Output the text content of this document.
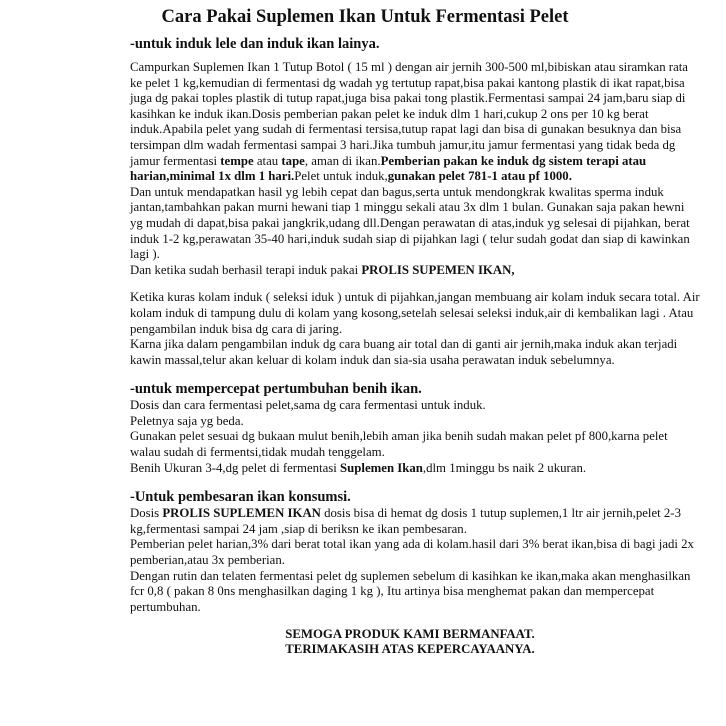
Cara Pakai Suplemen Ikan Untuk Fermentasi Pelet
-untuk induk lele dan induk ikan lainya.

Campurkan Suplemen Ikan 1 Tutup Botol ( 15 ml ) dengan air jernih 300-500 ml,bibiskan atau siramkan rata ke pelet 1 kg,kemudian di fermentasi dg wadah yg tertutup rapat,bisa pakai kantong plastik di ikat rapat,bisa juga dg pakai toples plastik di tutup rapat,juga bisa pakai tong plastik.Fermentasi sampai 24 jam,baru siap di kasihkan ke induk ikan.Dosis pemberian pakan pelet ke induk dlm 1 hari,cukup 2 ons per 10 kg berat induk.Apabila pelet yang sudah di fermentasi tersisa,tutup rapat lagi dan bisa di gunakan besuknya dan bisa tersimpan dlm wadah fermentasi sampai 3 hari.Jika tumbuh jamur,itu jamur fermentasi yang tidak beda dg jamur fermentasi tempe atau tape, aman di ikan.Pemberian pakan ke induk dg sistem terapi atau harian,minimal 1x dlm 1 hari.Pelet untuk induk,gunakan pelet 781-1 atau pf 1000.

Dan untuk mendapatkan hasil yg lebih cepat dan bagus,serta untuk mendongkrak kwalitas sperma induk jantan,tambahkan pakan murni hewani tiap 1 minggu sekali atau 3x dlm 1 bulan. Gunakan saja pakan hewni yg mudah di dapat,bisa pakai jangkrik,udang dll.Dengan perawatan di atas,induk yg selesai di pijahkan, berat induk 1-2 kg,perawatan 35-40 hari,induk sudah siap di pijahkan lagi ( telur sudah godat dan siap di kawinkan lagi ).

Dan ketika sudah berhasil terapi induk pakai PROLIS SUPEMEN IKAN,

Ketika kuras kolam induk ( seleksi iduk ) untuk di pijahkan,jangan membuang air kolam induk secara total. Air kolam induk di tampung dulu di kolam yang kosong,setelah selesai seleksi induk,air di kembalikan lagi . Atau pengambilan induk bisa dg cara di jaring.

Karna jika dalam pengambilan induk dg cara buang air total dan di ganti air jernih,maka induk akan terjadi kawin massal,telur akan keluar di kolam induk dan sia-sia usaha perawatan induk sebelumnya.

-untuk mempercepat pertumbuhan benih ikan.

Dosis dan cara fermentasi pelet,sama dg cara fermentasi untuk induk.

Peletnya saja yg beda.

Gunakan pelet sesuai dg bukaan mulut benih,lebih aman jika benih sudah makan pelet pf 800,karna pelet walau sudah di fermentsi,tidak mudah tenggelam.

Benih Ukuran 3-4,dg pelet di fermentasi Suplemen Ikan,dlm 1minggu bs naik 2 ukuran.

-Untuk pembesaran ikan konsumsi.

Dosis PROLIS SUPLEMEN IKAN dosis bisa di hemat dg dosis 1 tutup suplemen,1 ltr air jernih,pelet 2-3 kg,fermentasi sampai 24 jam ,siap di beriksn ke ikan pembesaran.

Pemberian pelet harian,3% dari berat total ikan yang ada di kolam.hasil dari 3% berat ikan,bisa di bagi jadi 2x pemberian,atau 3x pemberian.

Dengan rutin dan telaten fermentasi pelet dg suplemen sebelum di kasihkan ke ikan,maka akan menghasilkan fcr 0,8 ( pakan 8 0ns menghasilkan daging 1 kg ), Itu artinya bisa menghemat pakan dan mempercepat pertumbuhan.

SEMOGA PRODUK KAMI BERMANFAAT.
TERIMAKASIH ATAS KEPERCAYAANYA.
